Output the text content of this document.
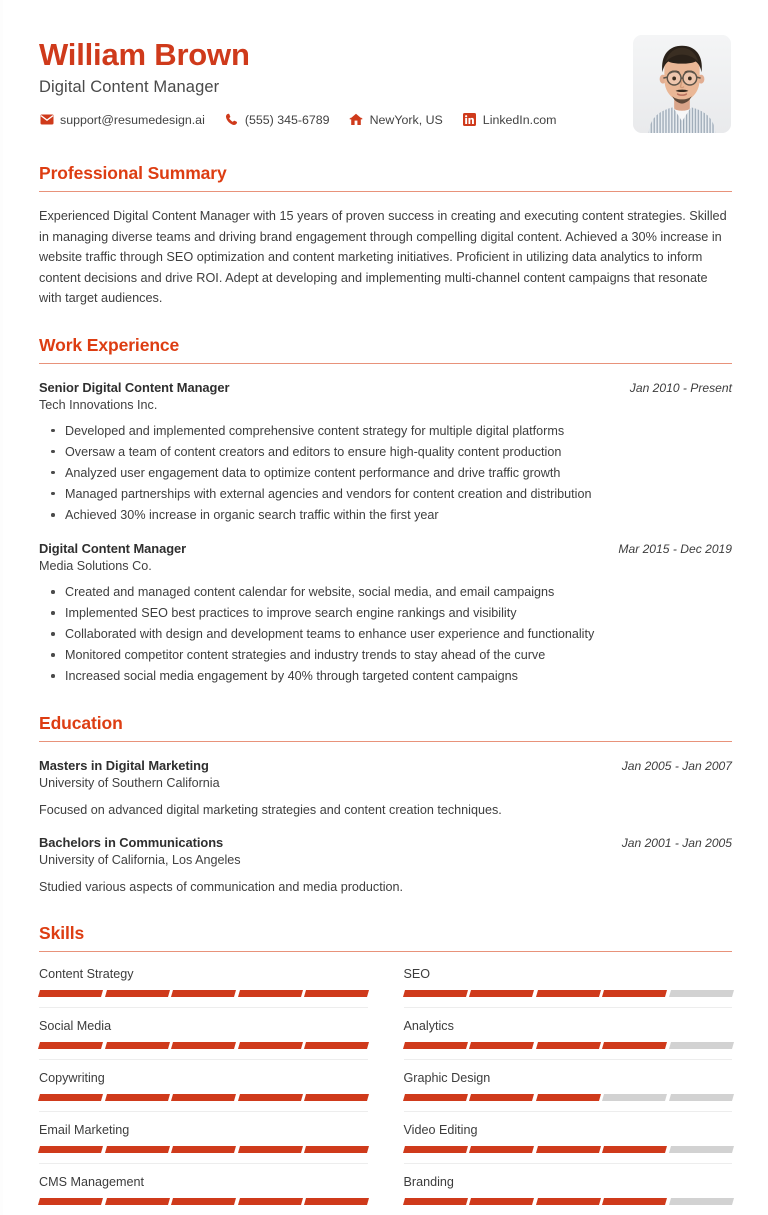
William Brown
Digital Content Manager
support@resumedesign.ai	(555) 345-6789	NewYork, US	LinkedIn.com
Professional Summary

Experienced Digital Content Manager with 15 years of proven success in creating and executing content strategies. Skilled in managing diverse teams and driving brand engagement through compelling digital content. Achieved a 30% increase in website traffic through SEO optimization and content marketing initiatives. Proficient in utilizing data analytics to inform content decisions and drive ROI. Adept at developing and implementing multi-channel content campaigns that resonate with target audiences.

Work Experience
Senior Digital Content Manager	Jan 2010 - Present
Tech Innovations Inc.
Developed and implemented comprehensive content strategy for multiple digital platforms
Oversaw a team of content creators and editors to ensure high-quality content production
Analyzed user engagement data to optimize content performance and drive traffic growth
Managed partnerships with external agencies and vendors for content creation and distribution
Achieved 30% increase in organic search traffic within the first year
Digital Content Manager	Mar 2015 - Dec 2019
Media Solutions Co.
Created and managed content calendar for website, social media, and email campaigns
Implemented SEO best practices to improve search engine rankings and visibility
Collaborated with design and development teams to enhance user experience and functionality
Monitored competitor content strategies and industry trends to stay ahead of the curve
Increased social media engagement by 40% through targeted content campaigns
Education
Masters in Digital Marketing	Jan 2005 - Jan 2007
University of Southern California
Focused on advanced digital marketing strategies and content creation techniques.
Bachelors in Communications	Jan 2001 - Jan 2005
University of California, Los Angeles
Studied various aspects of communication and media production.
Skills
Content Strategy	SEO
Social Media	Analytics
Copywriting	Graphic Design
Email Marketing	Video Editing
CMS Management	Branding
